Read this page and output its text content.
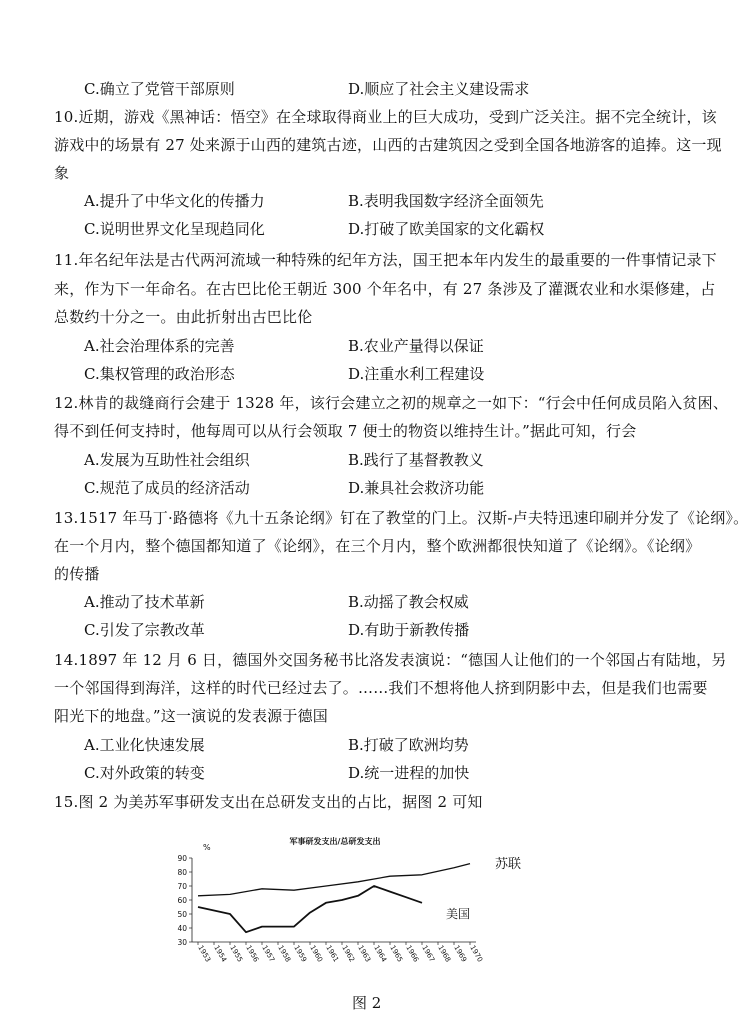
C.确立了党管干部原则	D.顺应了社会主义建设需求
10.近期，游戏《黑神话：悟空》在全球取得商业上的巨大成功，受到广泛关注。据不完全统计，该
游戏中的场景有 27 处来源于山西的建筑古迹，山西的古建筑因之受到全国各地游客的追捧。这一现
象
A.提升了中华文化的传播力	B.表明我国数字经济全面领先
C.说明世界文化呈现趋同化	D.打破了欧美国家的文化霸权
11.年名纪年法是古代两河流域一种特殊的纪年方法，国王把本年内发生的最重要的一件事情记录下
来，作为下一年命名。在古巴比伦王朝近 300 个年名中，有 27 条涉及了灌溉农业和水渠修建，占
总数约十分之一。由此折射出古巴比伦
A.社会治理体系的完善	B.农业产量得以保证
C.集权管理的政治形态	D.注重水利工程建设
12.林肯的裁缝商行会建于 1328 年，该行会建立之初的规章之一如下：“行会中任何成员陷入贫困、
得不到任何支持时，他每周可以从行会领取 7 便士的物资以维持生计。”据此可知，行会
A.发展为互助性社会组织	B.践行了基督教教义
C.规范了成员的经济活动	D.兼具社会救济功能
13.1517 年马丁·路德将《九十五条论纲》钉在了教堂的门上。汉斯-卢夫特迅速印刷并分发了《论纲》。
在一个月内，整个德国都知道了《论纲》，在三个月内，整个欧洲都很快知道了《论纲》。《论纲》
的传播
A.推动了技术革新	B.动摇了教会权威
C.引发了宗教改革	D.有助于新教传播
14.1897 年 12 月 6 日，德国外交国务秘书比洛发表演说：“德国人让他们的一个邻国占有陆地，另
一个邻国得到海洋，这样的时代已经过去了。……我们不想将他人挤到阴影中去，但是我们也需要
阳光下的地盘。”这一演说的发表源于德国
A.工业化快速发展	B.打破了欧洲均势
C.对外政策的转变	D.统一进程的加快
15.图 2 为美苏军事研发支出在总研发支出的占比，据图 2 可知
军事研发支出/总研发支出
%
30
40
50
60
70
80
90
1953 1954 1955 1956 1957 1958 1959 1960 1961 1962 1963 1964 1965 1966 1967 1968 1969 1970
苏联
美国
图 2
